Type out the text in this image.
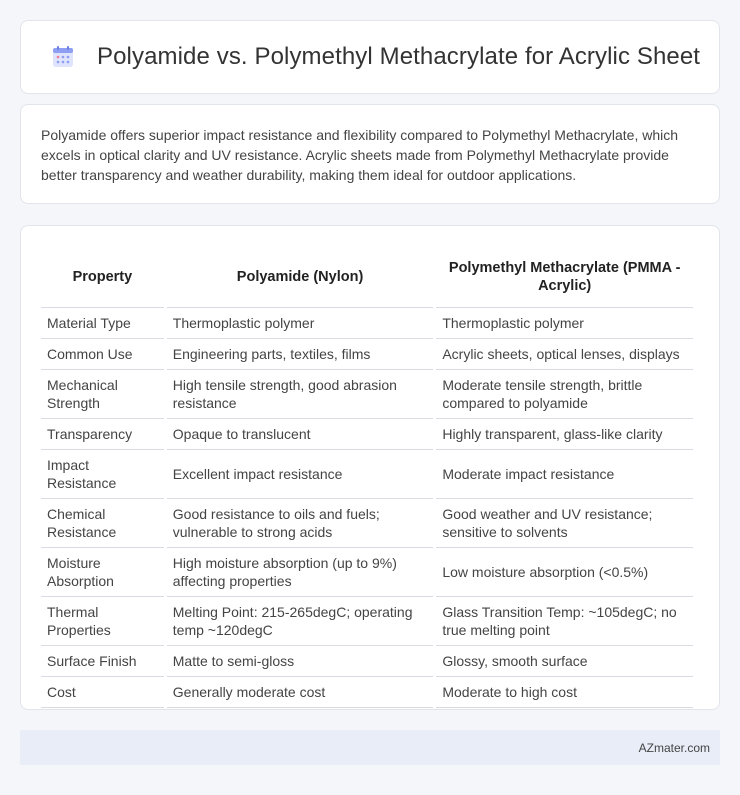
Polyamide vs. Polymethyl Methacrylate for Acrylic Sheet

Polyamide offers superior impact resistance and flexibility compared to Polymethyl Methacrylate, which excels in optical clarity and UV resistance. Acrylic sheets made from Polymethyl Methacrylate provide better transparency and weather durability, making them ideal for outdoor applications.

Property	Polyamide (Nylon)	Polymethyl Methacrylate (PMMA - Acrylic)
Material Type	Thermoplastic polymer	Thermoplastic polymer
Common Use	Engineering parts, textiles, films	Acrylic sheets, optical lenses, displays
Mechanical Strength	High tensile strength, good abrasion resistance	Moderate tensile strength, brittle compared to polyamide
Transparency	Opaque to translucent	Highly transparent, glass-like clarity
Impact Resistance	Excellent impact resistance	Moderate impact resistance
Chemical Resistance	Good resistance to oils and fuels; vulnerable to strong acids	Good weather and UV resistance; sensitive to solvents
Moisture Absorption	High moisture absorption (up to 9%) affecting properties	Low moisture absorption (<0.5%)
Thermal Properties	Melting Point: 215-265degC; operating temp ~120degC	Glass Transition Temp: ~105degC; no true melting point
Surface Finish	Matte to semi-gloss	Glossy, smooth surface
Cost	Generally moderate cost	Moderate to high cost
AZmater.com
